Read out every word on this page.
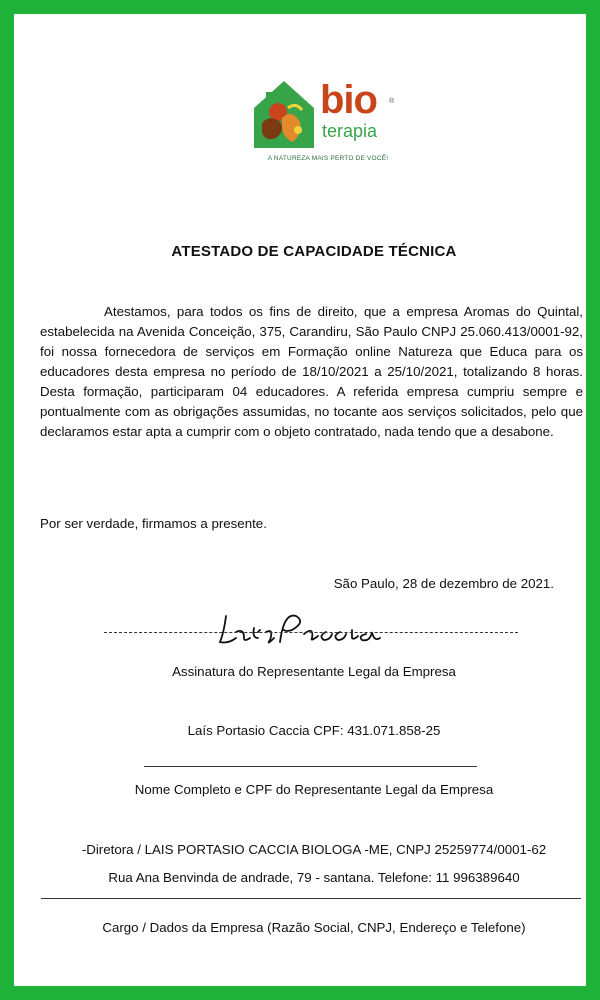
bio ®
terapia
A NATUREZA MAIS PERTO DE VOCÊ!
ATESTADO DE CAPACIDADE TÉCNICA

Atestamos, para todos os fins de direito, que a empresa Aromas do Quintal, estabelecida na Avenida Conceição, 375, Carandiru, São Paulo CNPJ 25.060.413/0001-92, foi nossa fornecedora de serviços em Formação online Natureza que Educa para os educadores desta empresa no período de 18/10/2021 a 25/10/2021, totalizando 8 horas. Desta formação, participaram 04 educadores. A referida empresa cumpriu sempre e pontualmente com as obrigações assumidas, no tocante aos serviços solicitados, pelo que declaramos estar apta a cumprir com o objeto contratado, nada tendo que a desabone.

Por ser verdade, firmamos a presente.
São Paulo, 28 de dezembro de 2021.
Assinatura do Representante Legal da Empresa
Laís Portasio Caccia CPF: 431.071.858-25
Nome Completo e CPF do Representante Legal da Empresa
-Diretora / LAIS PORTASIO CACCIA BIOLOGA -ME, CNPJ 25259774/0001-62
Rua Ana Benvinda de andrade, 79 - santana. Telefone: 11 996389640
Cargo / Dados da Empresa (Razão Social, CNPJ, Endereço e Telefone)
